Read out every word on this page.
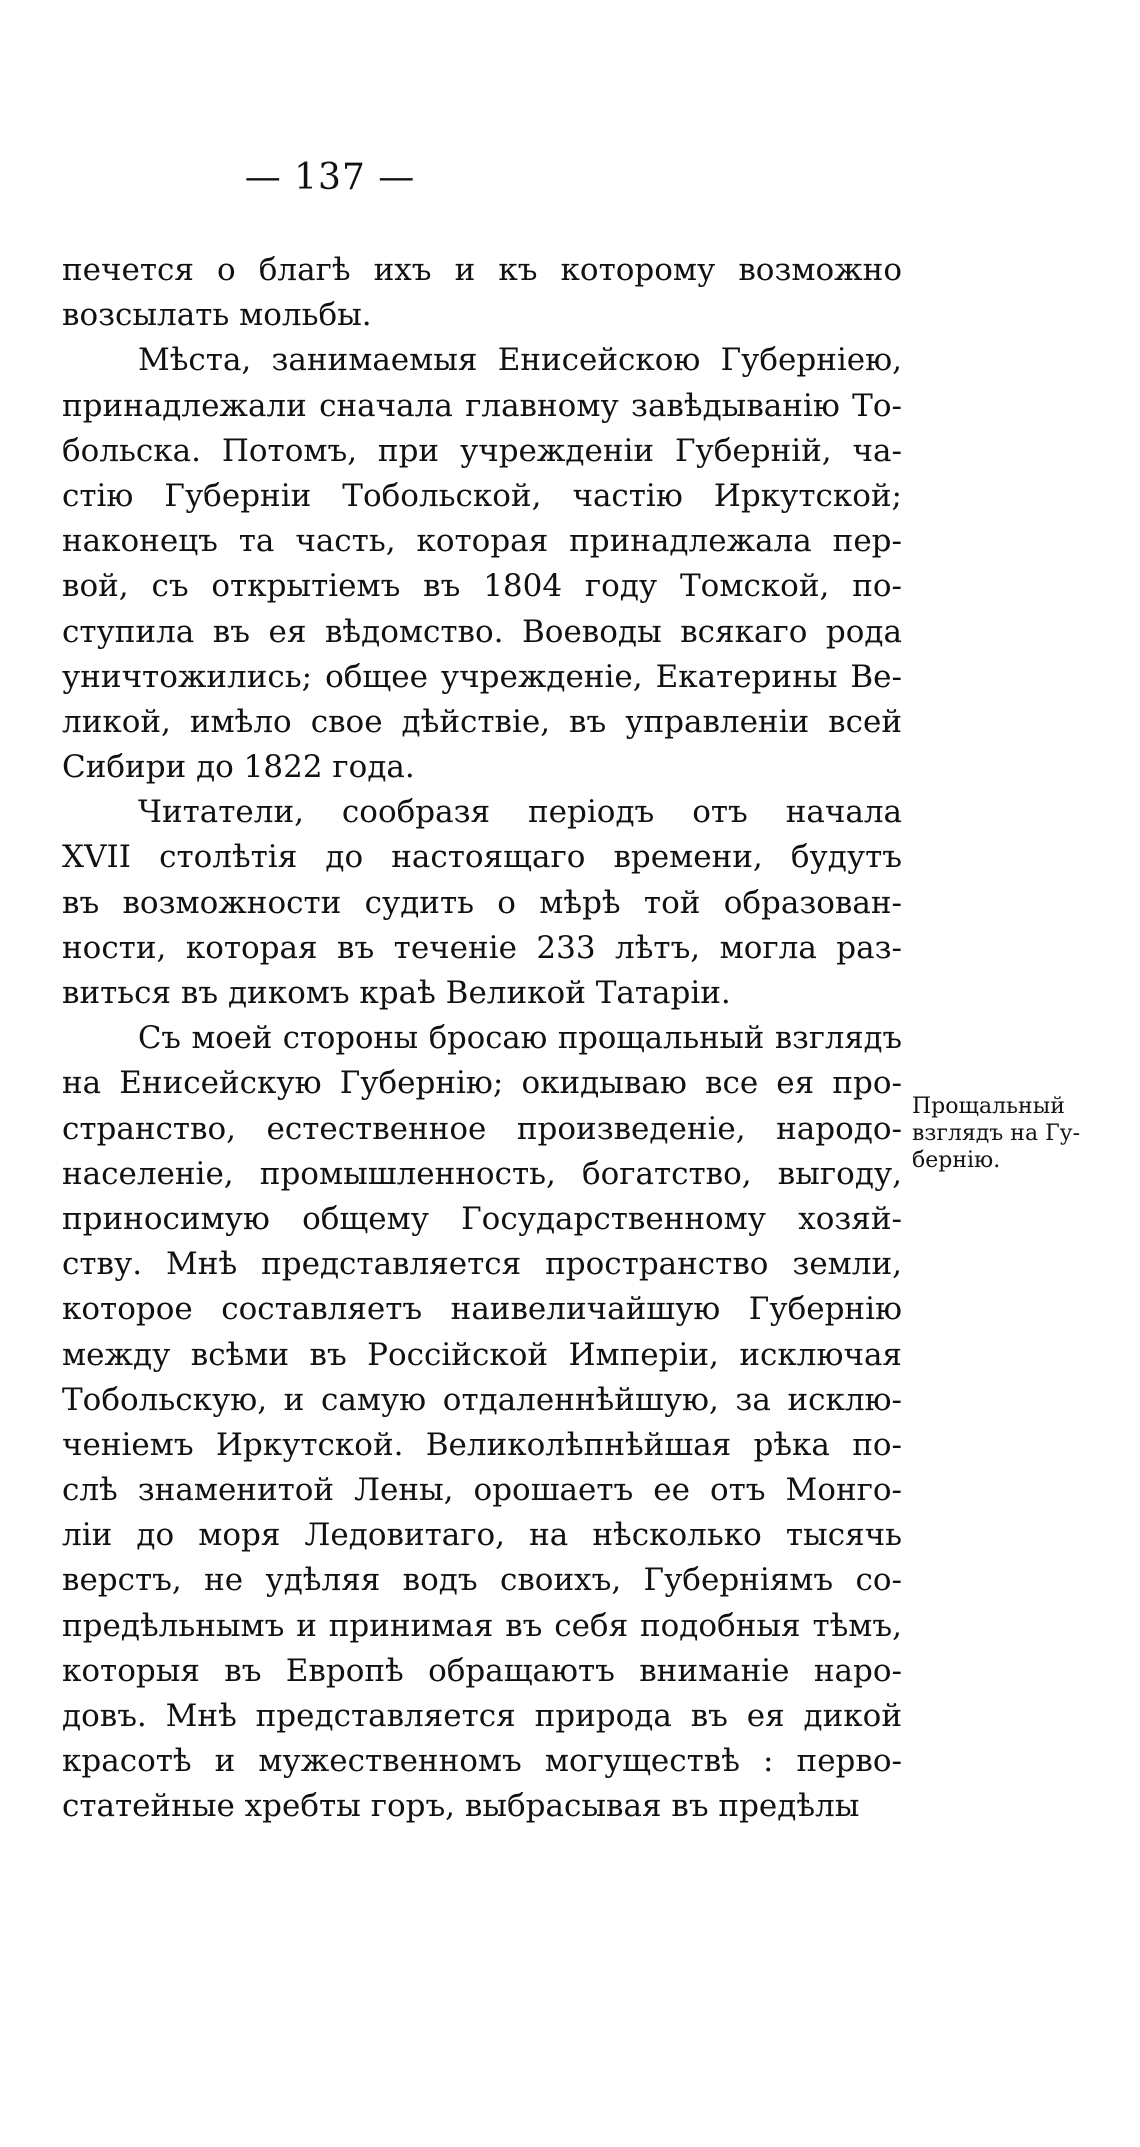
— 137 —
печется о благѣ ихъ и къ которому возможно
возсылать мольбы.
Мѣста, занимаемыя Енисейскою Губерніею,
принадлежали сначала главному завѣдыванію То-
больска. Потомъ, при учрежденіи Губерній, ча-
стію Губерніи Тобольской, частію Иркутской;
наконецъ та часть, которая принадлежала пер-
вой, съ открытіемъ въ 1804 году Томской, по-
ступила въ ея вѣдомство. Воеводы всякаго рода
уничтожились; общее учрежденіе, Екатерины Ве-
ликой, имѣло свое дѣйствіе, въ управленіи всей
Сибири до 1822 года.
Читатели, сообразя періодъ отъ начала
XVII столѣтія до настоящаго времени, будутъ
въ возможности судить о мѣрѣ той образован-
ности, которая въ теченіе 233 лѣтъ, могла раз-
виться въ дикомъ краѣ Великой Татаріи.
Съ моей стороны бросаю прощальный взглядъ
на Енисейскую Губернію; окидываю все ея про-
странство, естественное произведеніе, народо-
населеніе, промышленность, богатство, выгоду,
приносимую общему Государственному хозяй-
ству. Мнѣ представляется пространство земли,
которое составляетъ наивеличайшую Губернію
между всѣми въ Россійской Имперіи, исключая
Тобольскую, и самую отдаленнѣйшую, за исклю-
ченіемъ Иркутской. Великолѣпнѣйшая рѣка по-
слѣ знаменитой Лены, орошаетъ ее отъ Монго-
ліи до моря Ледовитаго, на нѣсколько тысячь
верстъ, не удѣляя водъ своихъ, Губерніямъ со-
предѣльнымъ и принимая въ себя подобныя тѣмъ,
которыя въ Европѣ обращаютъ вниманіе наро-
довъ. Мнѣ представляется природа въ ея дикой
красотѣ и мужественномъ могуществѣ : перво-
статейные хребты горъ, выбрасывая въ предѣлы
Прощальный
взглядъ на Гу-
бернію.
